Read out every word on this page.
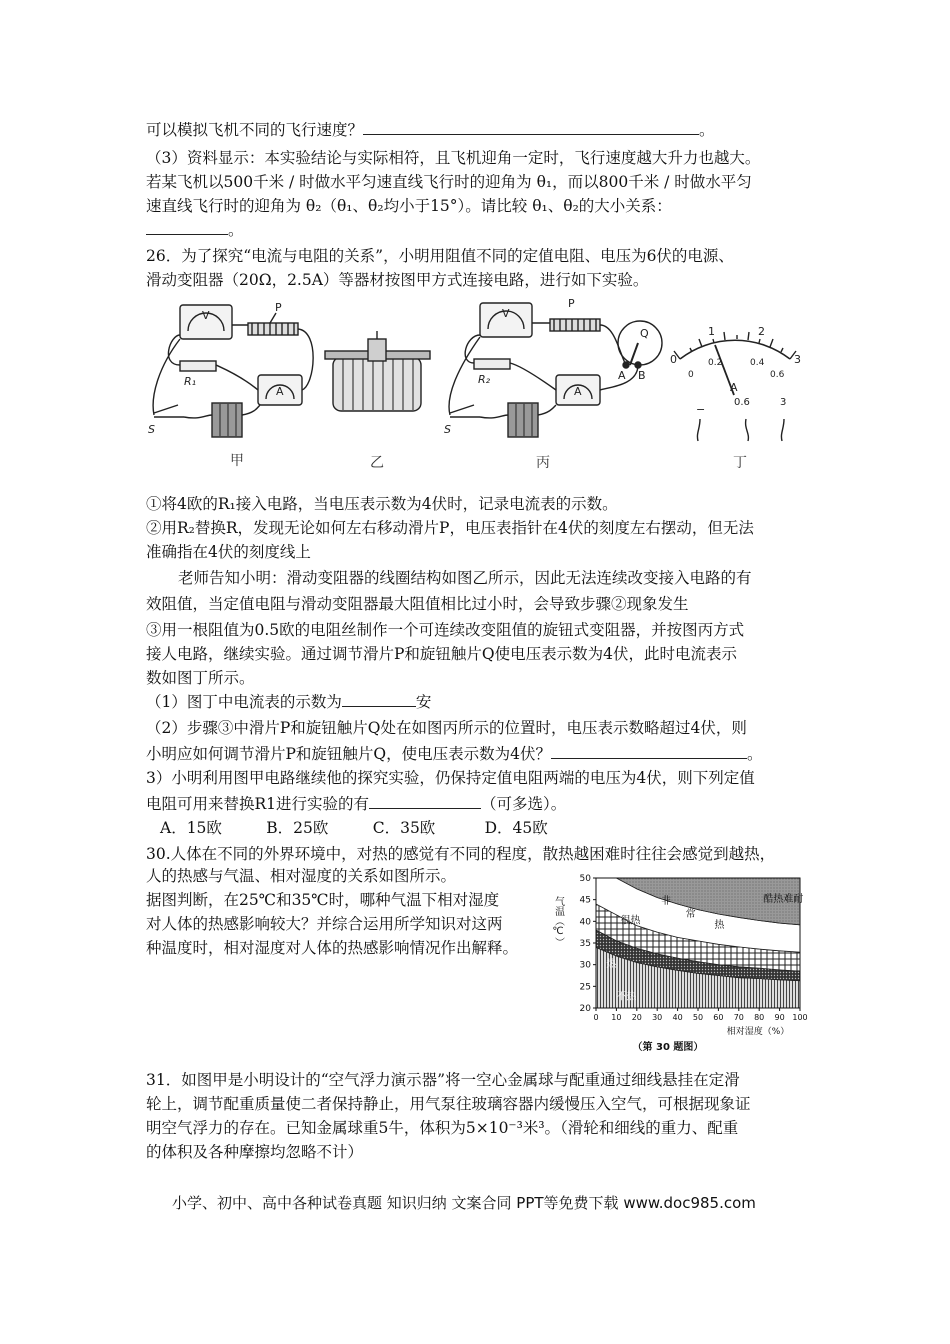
可以模拟飞机不同的飞行速度？	。
（3）资料显示：本实验结论与实际相符，且飞机迎角一定时，飞行速度越大升力也越大。
若某飞机以500千米 / 时做水平匀速直线飞行时的迎角为 θ₁，而以800千米 / 时做水平匀
速直线飞行时的迎角为 θ₂（θ₁、θ₂均小于15°）。请比较 θ₁、θ₂的大小关系：
。
26．为了探究“电流与电阻的关系”，小明用阻值不同的定值电阻、电压为6伏的电源、
滑动变阻器（20Ω，2.5A）等器材按图甲方式连接电路，进行如下实验。
V
P
R₁
A
S
V
P
Q
A B
R₂
A
S
0
1	2
3
0
0.2	0.4
0.6
A
−
0.6	3
甲	乙	丙	丁
①将4欧的R₁接入电路，当电压表示数为4伏时，记录电流表的示数。
②用R₂替换R，发现无论如何左右移动滑片P，电压表指针在4伏的刻度左右摆动，但无法
准确指在4伏的刻度线上
老师告知小明：滑动变阻器的线圈结构如图乙所示，因此无法连续改变接入电路的有
效阻值，当定值电阻与滑动变阻器最大阻值相比过小时，会导致步骤②现象发生
③用一根阻值为0.5欧的电阻丝制作一个可连续改变阻值的旋钮式变阻器，并按图丙方式
接人电路，继续实验。通过调节滑片P和旋钮触片Q使电压表示数为4伏，此时电流表示
数如图丁所示。
（1）图丁中电流表的示数为	安
（2）步骤③中滑片P和旋钮触片Q处在如图丙所示的位置时，电压表示数略超过4伏，则
小明应如何调节滑片P和旋钮触片Q，使电压表示数为4伏？	。
3）小明利用图甲电路继续他的探究实验，仍保持定值电阻两端的电压为4伏，则下列定值
电阻可用来替换R1进行实验的有	（可多选）。
A．15欧         B．25欧         C．35欧          D．45欧
30.人体在不同的外界环境中，对热的感觉有不同的程度，散热越困难时往往会感觉到越热，
人的热感与气温、相对湿度的关系如图所示。
据图判断，在25℃和35℃时，哪种气温下相对湿度
对人体的热感影响较大？并综合运用所学知识对这两
种温度时，相对湿度对人体的热感影响情况作出解释。
20
25
30
35
40
45
50
0 10 20 30 40 50 60 70 80 90 100
气温（℃）
相对湿度（%）
（第 30 题图）
不热
热
很热
非
常
热
酷热难耐
31．如图甲是小明设计的“空气浮力演示器”将一空心金属球与配重通过细线悬挂在定滑
轮上，调节配重质量使二者保持静止，用气泵往玻璃容器内缓慢压入空气，可根据现象证
明空气浮力的存在。已知金属球重5牛，体积为5×10⁻³米³。（滑轮和细线的重力、配重
的体积及各种摩擦均忽略不计）
小学、初中、高中各种试卷真题 知识归纳 文案合同 PPT等免费下载 www.doc985.com
